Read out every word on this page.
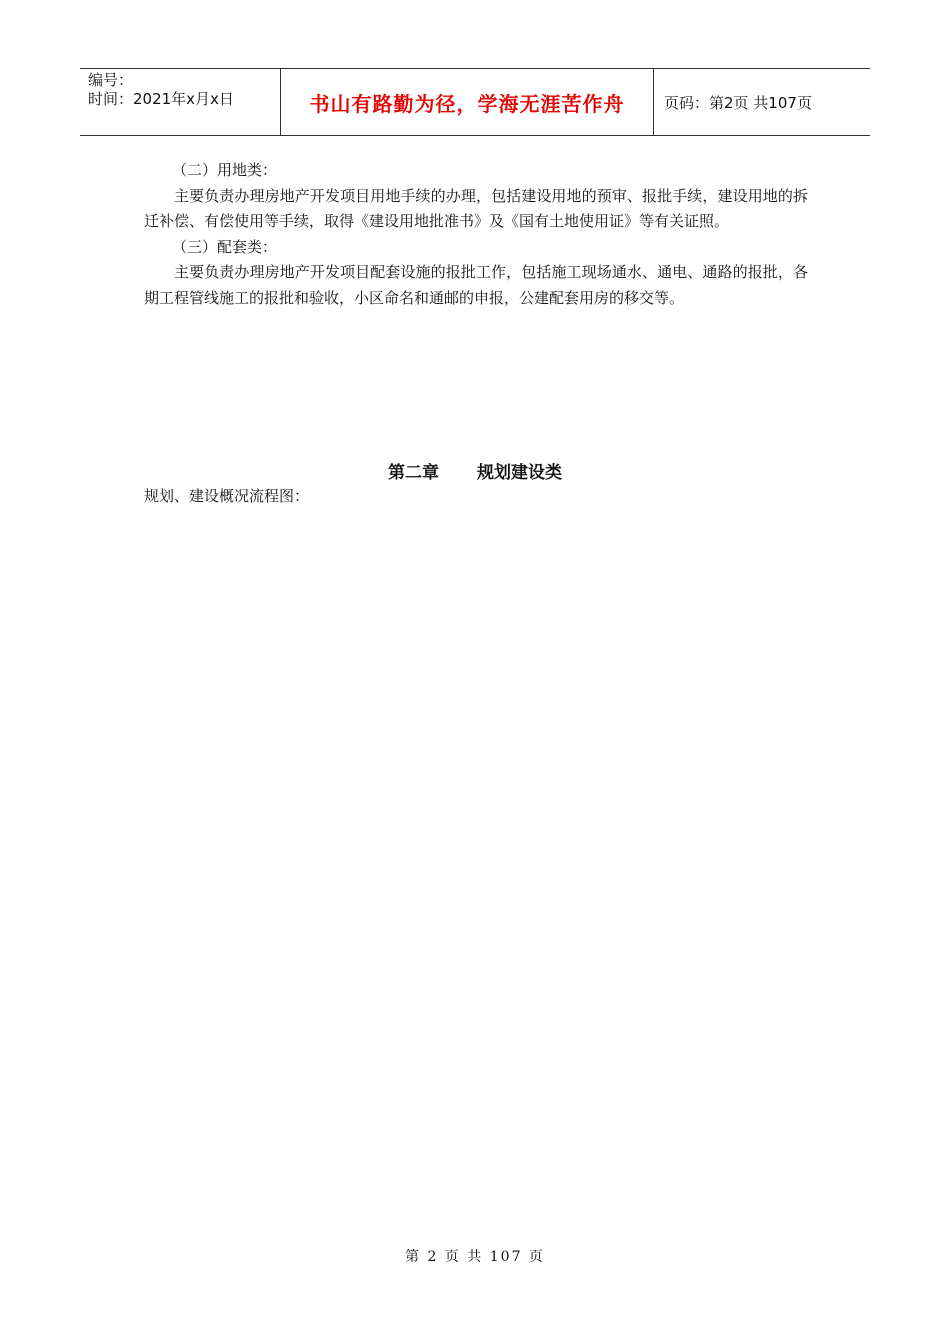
编号：
时间：2021年x月x日	书山有路勤为径，学海无涯苦作舟	页码：第2页 共107页

（二）用地类：

主要负责办理房地产开发项目用地手续的办理，包括建设用地的预审、报批手续，建设用地的拆迁补偿、有偿使用等手续，取得《建设用地批准书》及《国有土地使用证》等有关证照。

（三）配套类：

主要负责办理房地产开发项目配套设施的报批工作，包括施工现场通水、通电、通路的报批，各期工程管线施工的报批和验收，小区命名和通邮的申报，公建配套用房的移交等。

第二章 规划建设类
规划、建设概况流程图：
第 2 页 共 107 页
